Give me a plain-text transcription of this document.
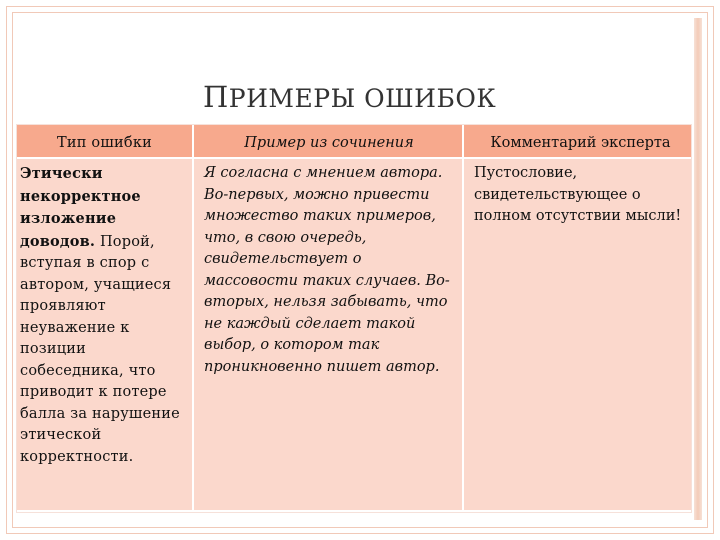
ПРИМЕРЫ ОШИБОК
Тип ошибки	Пример из сочинения	Комментарий эксперта
Этически некорректное изложение доводов. Порой, вступая в спор с автором, учащиеся проявляют неуважение к позиции собеседника, что приводит к потере балла за нарушение этической корректности.	Я согласна с мнением автора. Во-первых, можно привести множество таких примеров, что, в свою очередь, свидетельствует о массовости таких случаев. Во-вторых, нельзя забывать, что не каждый сделает такой выбор, о котором так проникновенно пишет автор.	Пустословие, свидетельствующее о полном отсутствии мысли!
